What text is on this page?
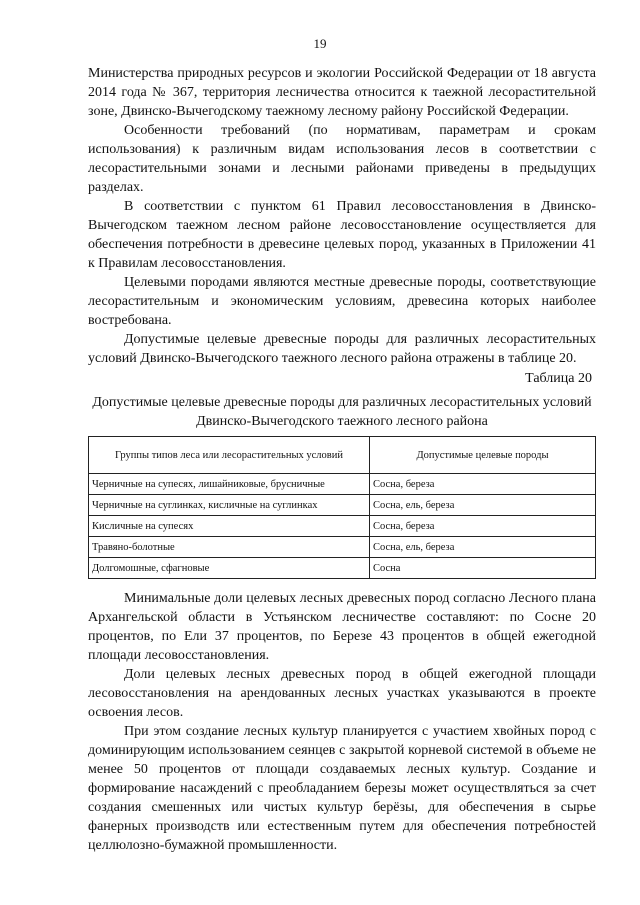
19

Министерства природных ресурсов и экологии Российской Федерации от 18 августа 2014 года № 367, территория лесничества относится к таежной лесорастительной зоне, Двинско-Вычегодскому таежному лесному району Российской Федерации.

Особенности требований (по нормативам, параметрам и срокам использования) к различным видам использования лесов в соответствии с лесорастительными зонами и лесными районами приведены в предыдущих разделах.

В соответствии с пунктом 61 Правил лесовосстановления в Двинско-Вычегодском таежном лесном районе лесовосстановление осуществляется для обеспечения потребности в древесине целевых пород, указанных в Приложении 41 к Правилам лесовосстановления.

Целевыми породами являются местные древесные породы, соответствующие лесорастительным и экономическим условиям, древесина которых наиболее востребована.

Допустимые целевые древесные породы для различных лесорастительных условий Двинско-Вычегодского таежного лесного района отражены в таблице 20.

Таблица 20
Допустимые целевые древесные породы для различных лесорастительных условий Двинско-Вычегодского таежного лесного района
Группы типов леса или лесорастительных условий	Допустимые целевые породы
Черничные на супесях, лишайниковые, брусничные	Сосна, береза
Черничные на суглинках, кисличные на суглинках	Сосна, ель, береза
Кисличные на супесях	Сосна, береза
Травяно-болотные	Сосна, ель, береза
Долгомошные, сфагновые	Сосна

Минимальные доли целевых лесных древесных пород согласно Лесного плана Архангельской области в Устьянском лесничестве составляют: по Сосне 20 процентов, по Ели 37 процентов, по Березе 43 процентов в общей ежегодной площади лесовосстановления.

Доли целевых лесных древесных пород в общей ежегодной площади лесовосстановления на арендованных лесных участках указываются в проекте освоения лесов.

При этом создание лесных культур планируется с участием хвойных пород с доминирующим использованием сеянцев с закрытой корневой системой в объеме не менее 50 процентов от площади создаваемых лесных культур. Создание и формирование насаждений с преобладанием березы может осуществляться за счет создания смешенных или чистых культур берёзы, для обеспечения в сырье фанерных производств или естественным путем для обеспечения потребностей целлюлозно-бумажной промышленности.
